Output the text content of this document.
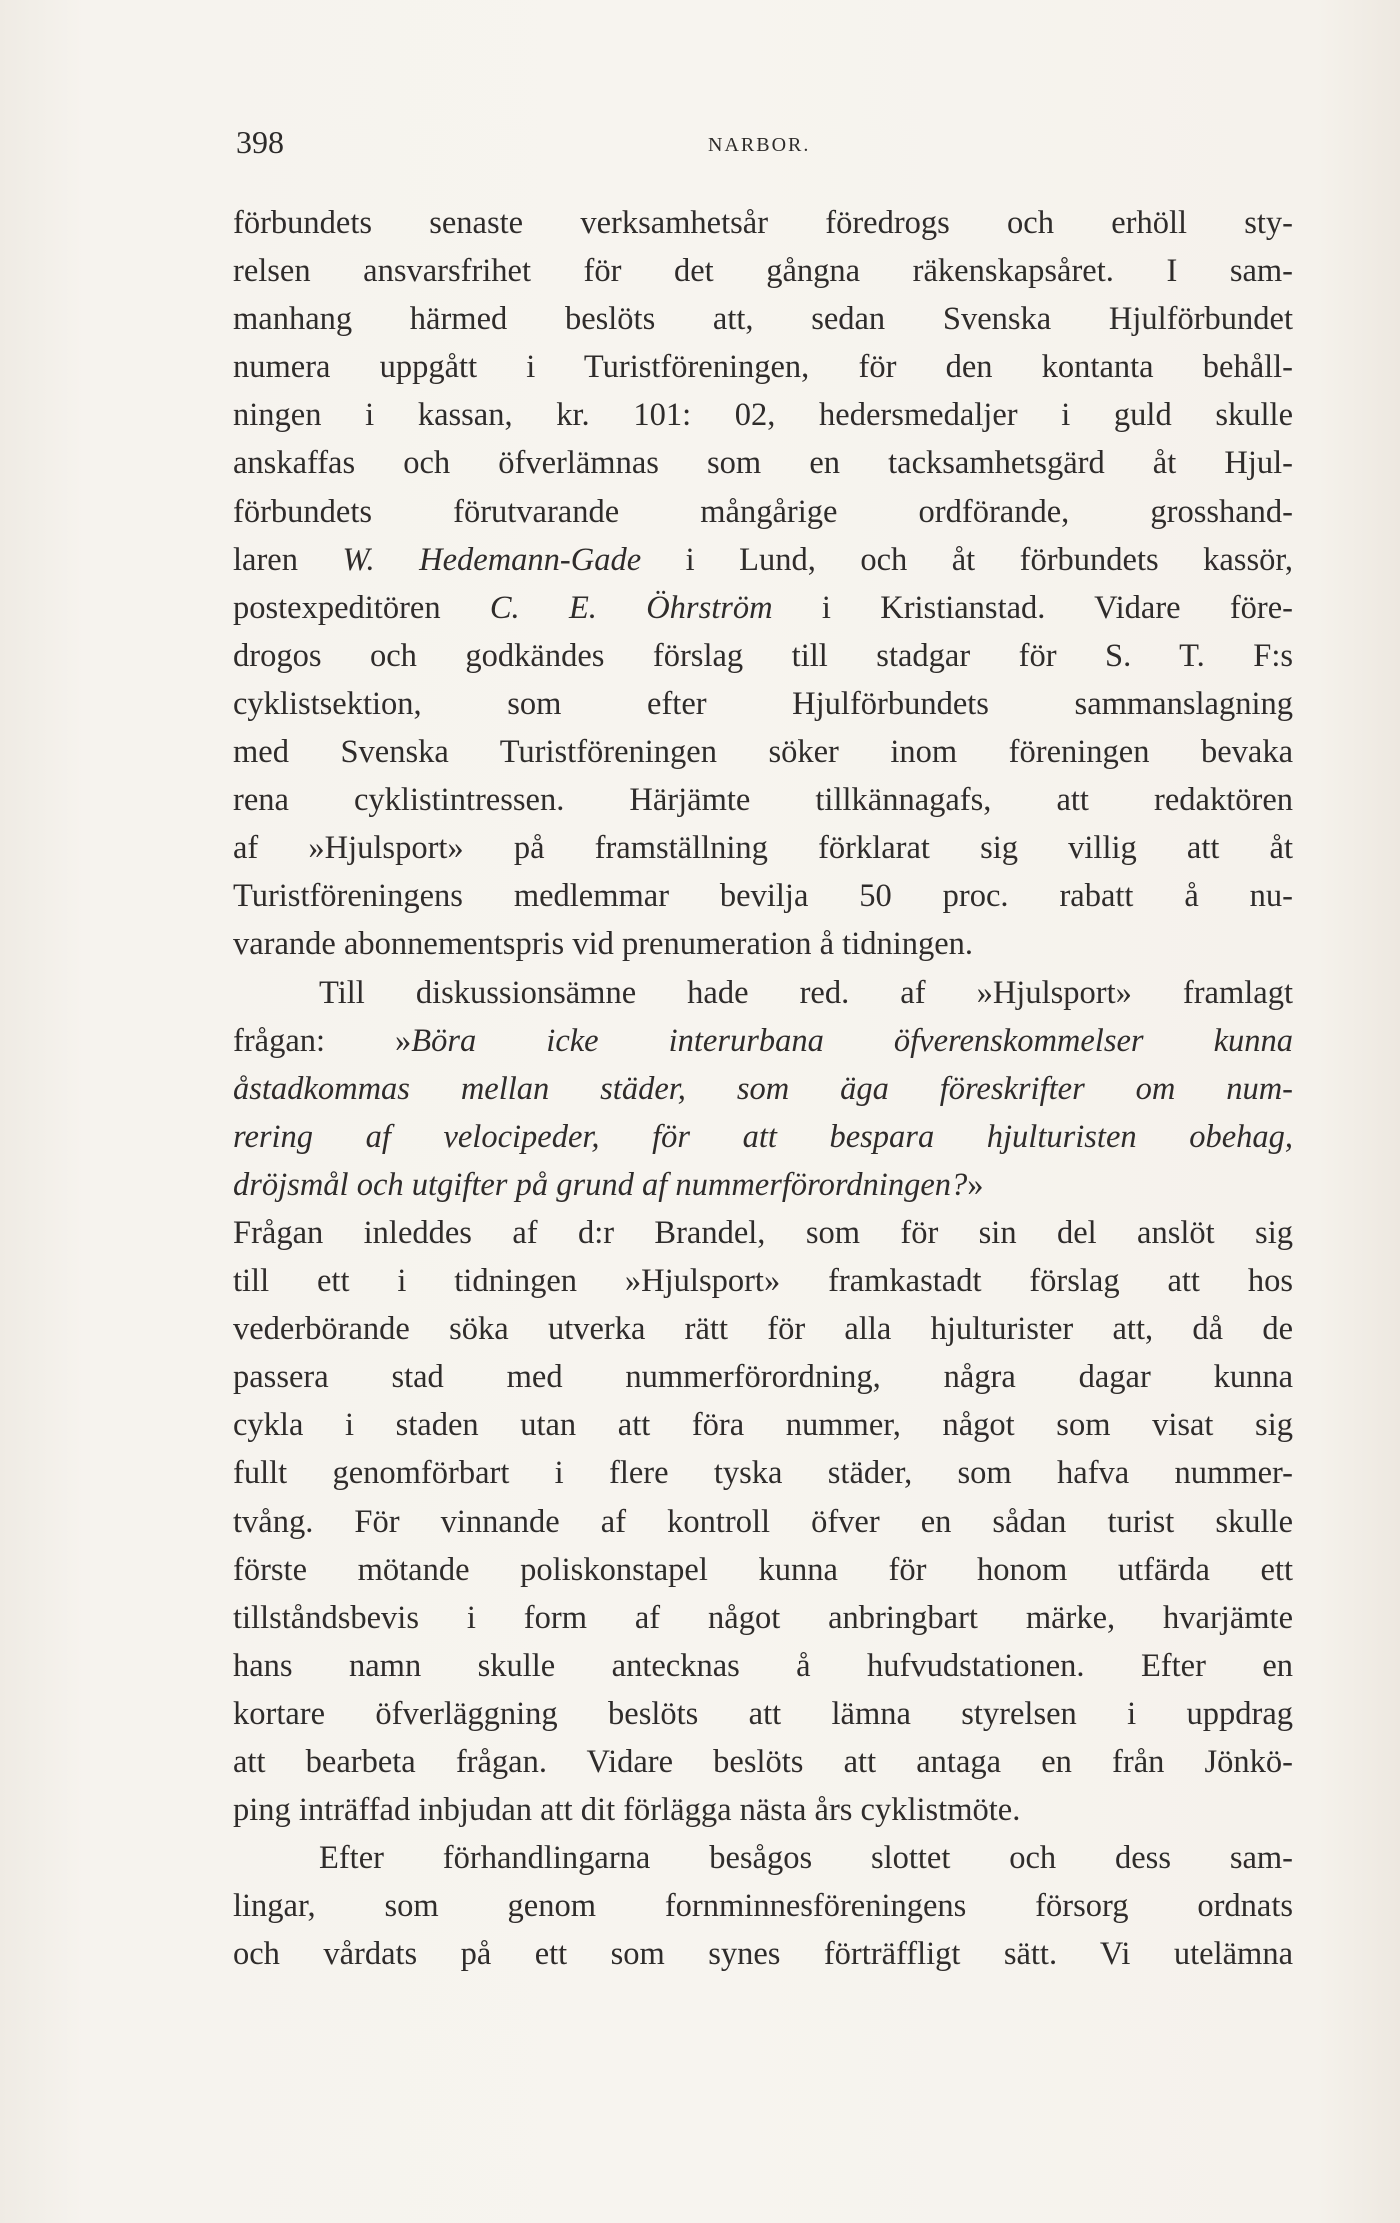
398	NARBOR.
förbundets senaste verksamhetsår föredrogs och erhöll sty-
relsen ansvarsfrihet för det gångna räkenskapsåret. I sam-
manhang härmed beslöts att, sedan Svenska Hjulförbundet
numera uppgått i Turistföreningen, för den kontanta behåll-
ningen i kassan, kr. 101: 02, hedersmedaljer i guld skulle
anskaffas och öfverlämnas som en tacksamhetsgärd åt Hjul-
förbundets förutvarande mångårige ordförande, grosshand-
laren W. Hedemann-Gade i Lund, och åt förbundets kassör,
postexpeditören C. E. Öhrström i Kristianstad. Vidare före-
drogos och godkändes förslag till stadgar för S. T. F:s
cyklistsektion, som efter Hjulförbundets sammanslagning
med Svenska Turistföreningen söker inom föreningen bevaka
rena cyklistintressen. Härjämte tillkännagafs, att redaktören
af »Hjulsport» på framställning förklarat sig villig att åt
Turistföreningens medlemmar bevilja 50 proc. rabatt å nu-
varande abonnementspris vid prenumeration å tidningen.
Till diskussionsämne hade red. af »Hjulsport» framlagt
frågan: »Böra icke interurbana öfverenskommelser kunna
åstadkommas mellan städer, som äga föreskrifter om num-
rering af velocipeder, för att bespara hjulturisten obehag,
dröjsmål och utgifter på grund af nummerförordningen?»
Frågan inleddes af d:r Brandel, som för sin del anslöt sig
till ett i tidningen »Hjulsport» framkastadt förslag att hos
vederbörande söka utverka rätt för alla hjulturister att, då de
passera stad med nummerförordning, några dagar kunna
cykla i staden utan att föra nummer, något som visat sig
fullt genomförbart i flere tyska städer, som hafva nummer-
tvång. För vinnande af kontroll öfver en sådan turist skulle
förste mötande poliskonstapel kunna för honom utfärda ett
tillståndsbevis i form af något anbringbart märke, hvarjämte
hans namn skulle antecknas å hufvudstationen. Efter en
kortare öfverläggning beslöts att lämna styrelsen i uppdrag
att bearbeta frågan. Vidare beslöts att antaga en från Jönkö-
ping inträffad inbjudan att dit förlägga nästa års cyklistmöte.
Efter förhandlingarna besågos slottet och dess sam-
lingar, som genom fornminnesföreningens försorg ordnats
och vårdats på ett som synes förträffligt sätt. Vi utelämna
